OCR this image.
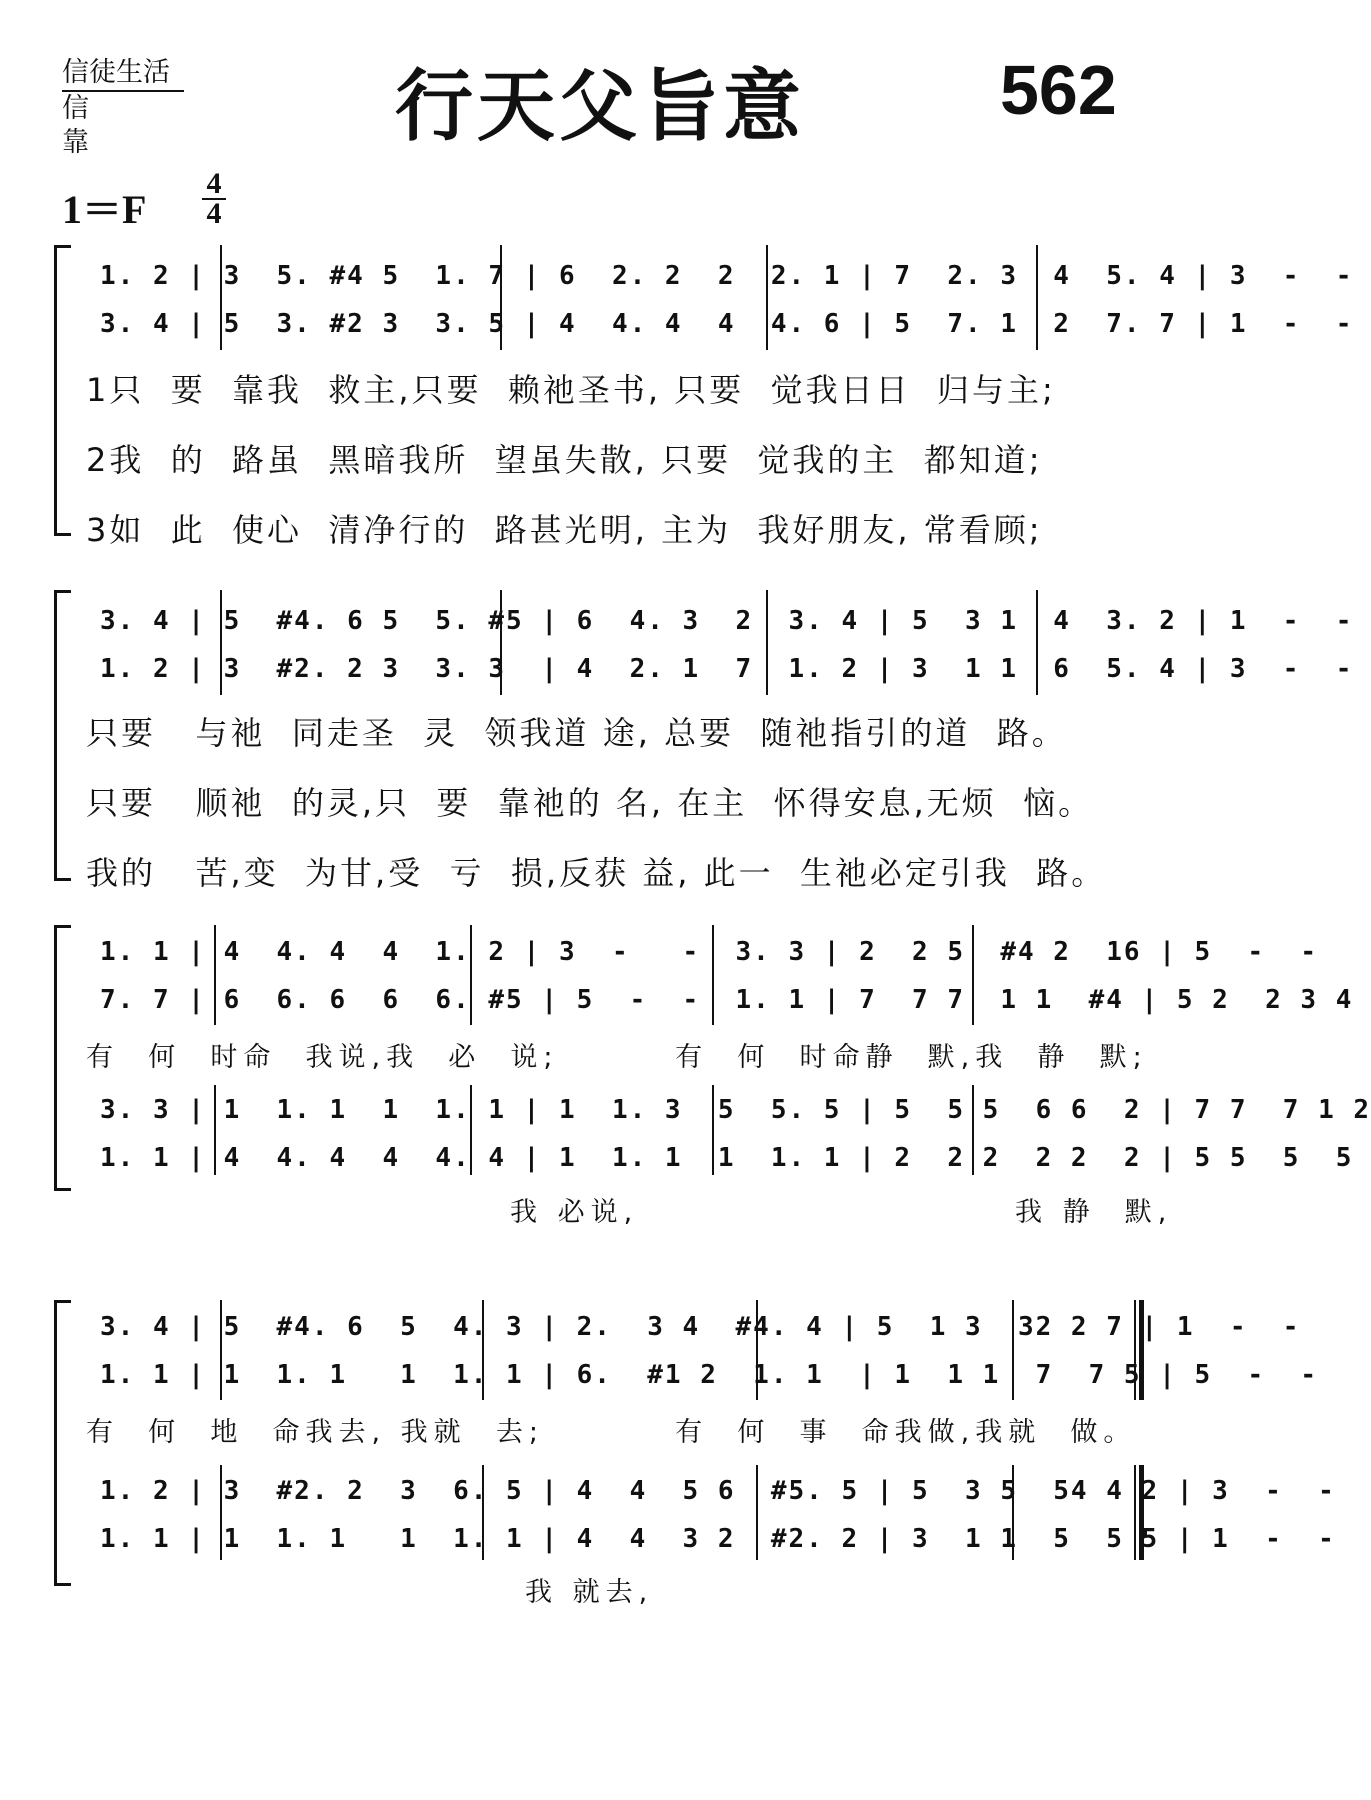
信徒生活
信靠	行天父旨意	562
1＝F
4
4
1. 2 | 3  5. #4 5  1. 7 | 6  2. 2  2  2. 1 | 7  2. 3  4  5. 4 | 3  -  -
3. 4 | 5  3. #2 3  3. 5 | 4  4. 4  4  4. 6 | 5  7. 1  2  7. 7 | 1  -  -
1只  要  靠我  救主,只要  赖祂圣书, 只要  觉我日日  归与主;
2我  的  路虽  黑暗我所  望虽失散, 只要  觉我的主  都知道;
3如  此  使心  清净行的  路甚光明, 主为  我好朋友, 常看顾;
3. 4 | 5  #4. 6 5  5. #5 | 6  4. 3  2  3. 4 | 5  3 1  4  3. 2 | 1  -  -
1. 2 | 3  #2. 2 3  3. 3  | 4  2. 1  7  1. 2 | 3  1 1  6  5. 4 | 3  -  -
只要   与祂  同走圣  灵  领我道 途, 总要  随祂指引的道  路。
只要   顺祂  的灵,只  要  靠祂的 名, 在主  怀得安息,无烦  恼。
我的   苦,变  为甘,受  亏  损,反获 益, 此一  生祂必定引我  路。
1. 1 | 4  4. 4  4  1. 2 | 3  -   -  3. 3 | 2  2 5  #4 2  16 | 5  -  -
7. 7 | 6  6. 6  6  6. #5 | 5  -  -  1. 1 | 7  7 7  1 1  #4 | 5 2  2 3 4
有  何  时命  我说,我  必  说;        有  何  时命静  默,我  静  默;
3. 3 | 1  1. 1  1  1. 1 | 1  1. 3  5  5. 5 | 5  5 5  6 6  2 | 7 7  7 1 2
1. 1 | 4  4. 4  4  4. 4 | 1  1. 1  1  1. 1 | 2  2 2  2 2  2 | 5 5  5  5
我 必说,	我 静  默,
3. 4 | 5  #4. 6  5  4. 3 | 2.  3 4  #4. 4 | 5  1 3  32 2 7 | 1  -  -
1. 1 | 1  1. 1   1  1. 1 | 6.  #1 2  1. 1  | 1  1 1  7  7 5 | 5  -  -
有  何  地  命我去, 我就  去;         有  何  事  命我做,我就  做。
1. 2 | 3  #2. 2  3  6. 5 | 4  4  5 6  #5. 5 | 5  3 5  54 4 2 | 3  -  -
1. 1 | 1  1. 1   1  1. 1 | 4  4  3 2  #2. 2 | 3  1 1  5  5 5 | 1  -  -
我 就去,
